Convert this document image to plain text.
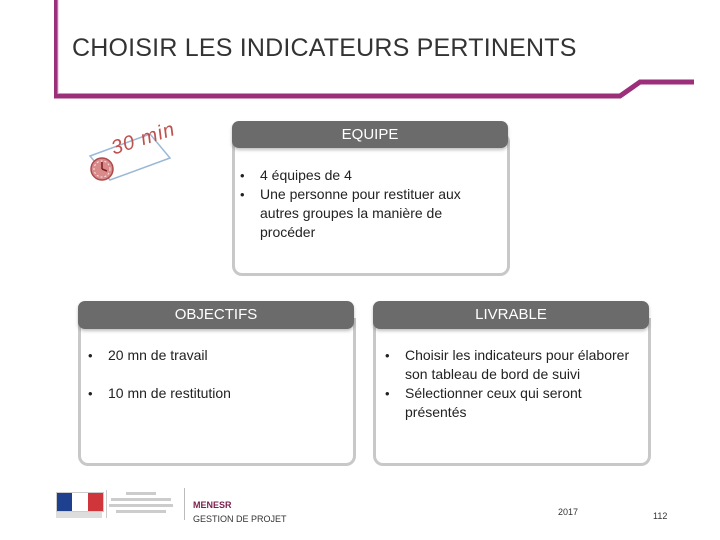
CHOISIR LES INDICATEURS PERTINENTS
30 min	EQUIPE
• 4 équipes de 4
• Une personne pour restituer aux autres groupes la manière de procéder
OBJECTIFS
• 20 mn de travail
• 10 mn de restitution
LIVRABLE
• Choisir les indicateurs pour élaborer son tableau de bord de suivi
• Sélectionner ceux qui seront présentés
MENESR
GESTION DE PROJET
2017	112
